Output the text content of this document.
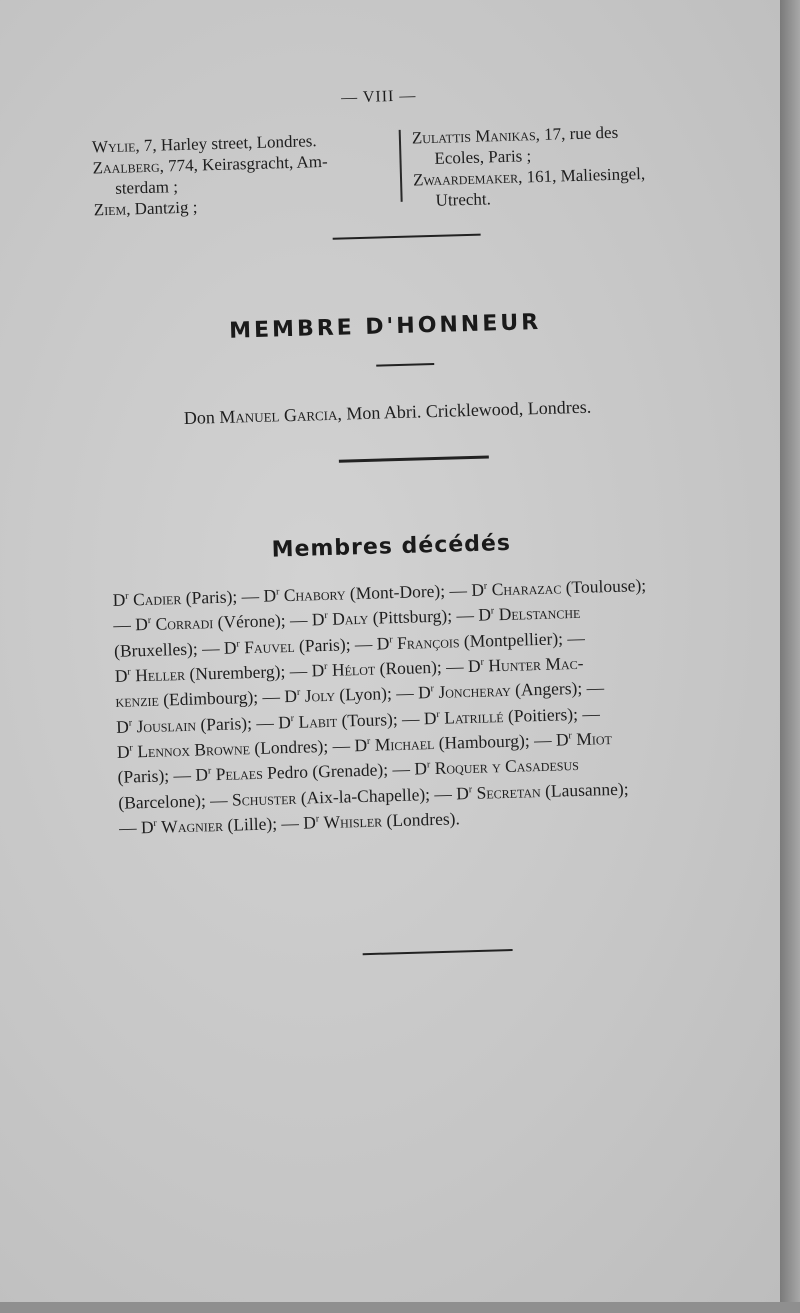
— VIII —
Wylie, 7, Harley street, Londres.
Zaalberg, 774, Keirasgracht, Am-
sterdam ;
Ziem, Dantzig ;
Zulattis Manikas, 17, rue des
Ecoles, Paris ;
Zwaardemaker, 161, Maliesingel,
Utrecht.
MEMBRE D'HONNEUR
Don Manuel Garcia, Mon Abri. Cricklewood, Londres.
Membres décédés
$D^r$ Cadier (Paris); — $D^r$ Chabory (Mont-Dore); — $D^r$ Charazac (Toulouse);
— $D^r$ Corradi (Vérone); — $D^r$ Daly (Pittsburg); — $D^r$ Delstanche
(Bruxelles); — $D^r$ Fauvel (Paris); — $D^r$ François (Montpellier); —
$D^r$ Heller (Nuremberg); — $D^r$ Hélot (Rouen); — $D^r$ Hunter Mac-
kenzie (Edimbourg); — $D^r$ Joly (Lyon); — $D^r$ Joncheray (Angers); —
$D^r$ Jouslain (Paris); — $D^r$ Labit (Tours); — $D^r$ Latrillé (Poitiers); —
$D^r$ Lennox Browne (Londres); — $D^r$ Michael (Hambourg); — $D^r$ Miot
(Paris); — $D^r$ Pelaes Pedro (Grenade); — $D^r$ Roquer y Casadesus
(Barcelone); — Schuster (Aix-la-Chapelle); — $D^r$ Secretan (Lausanne);
— $D^r$ Wagnier (Lille); — $D^r$ Whisler (Londres).
